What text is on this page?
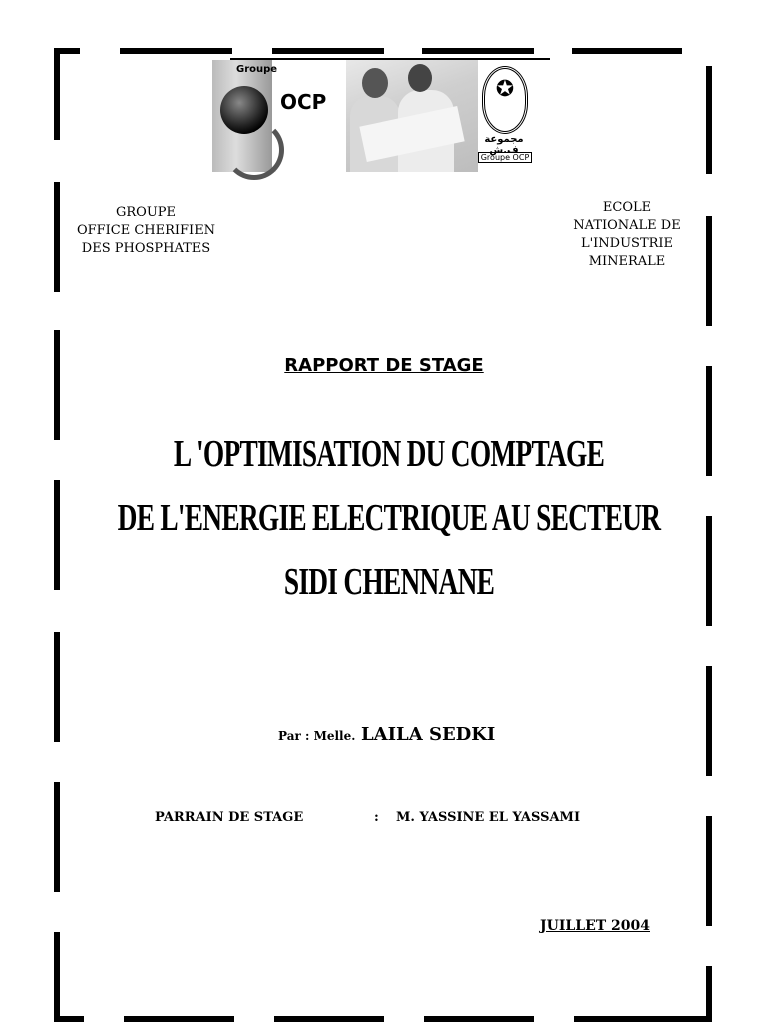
Groupe
OCP	✪
مجموعة ف.ش
Groupe OCP
GROUPE
OFFICE CHERIFIEN
DES PHOSPHATES
ECOLE
NATIONALE DE
L'INDUSTRIE
MINERALE
RAPPORT DE STAGE
L 'OPTIMISATION DU COMPTAGE
DE L'ENERGIE ELECTRIQUE AU SECTEUR
SIDI CHENNANE
Par : Melle. LAILA SEDKI
PARRAIN DE STAGE	: M. YASSINE EL YASSAMI
JUILLET 2004
